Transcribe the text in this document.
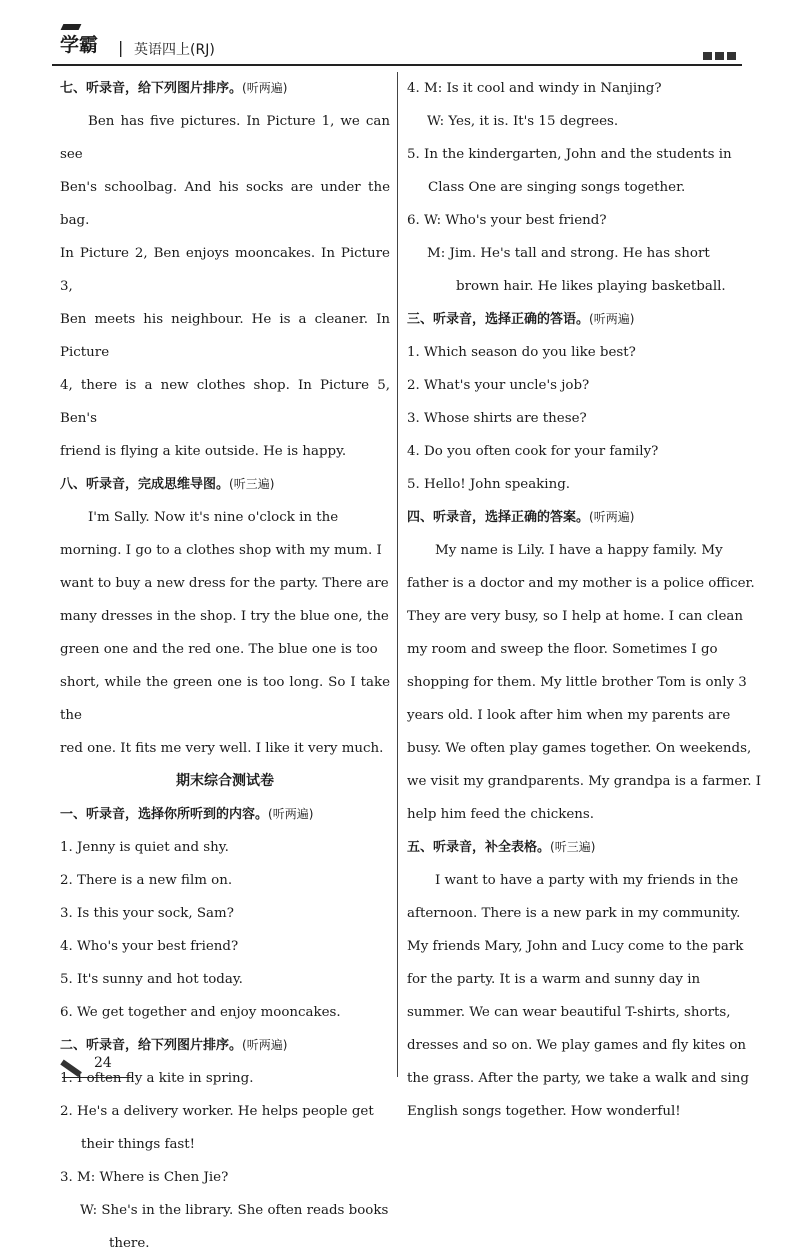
学霸 | 英语四上(RJ)
七、听录音，给下列图片排序。(听两遍)
Ben has five pictures. In Picture 1, we can see
Ben's schoolbag. And his socks are under the bag.
In Picture 2, Ben enjoys mooncakes. In Picture 3,
Ben meets his neighbour. He is a cleaner. In Picture
4, there is a new clothes shop. In Picture 5, Ben's
friend is flying a kite outside. He is happy.
八、听录音，完成思维导图。(听三遍)
I'm Sally. Now it's nine o'clock in the
morning. I go to a clothes shop with my mum. I
want to buy a new dress for the party. There are
many dresses in the shop. I try the blue one, the
green one and the red one. The blue one is too
short, while the green one is too long. So I take the
red one. It fits me very well. I like it very much.
期末综合测试卷
一、听录音，选择你所听到的内容。(听两遍)
1. Jenny is quiet and shy.
2. There is a new film on.
3. Is this your sock, Sam?
4. Who's your best friend?
5. It's sunny and hot today.
6. We get together and enjoy mooncakes.
二、听录音，给下列图片排序。(听两遍)
1. I often fly a kite in spring.
2. He's a delivery worker. He helps people get
their things fast!
3. M: Where is Chen Jie?
W: She's in the library. She often reads books
there.
4. M: Is it cool and windy in Nanjing?
W: Yes, it is. It's 15 degrees.
5. In the kindergarten, John and the students in
Class One are singing songs together.
6. W: Who's your best friend?
M: Jim. He's tall and strong. He has short
brown hair. He likes playing basketball.
三、听录音，选择正确的答语。(听两遍)
1. Which season do you like best?
2. What's your uncle's job?
3. Whose shirts are these?
4. Do you often cook for your family?
5. Hello! John speaking.
四、听录音，选择正确的答案。(听两遍)
My name is Lily. I have a happy family. My
father is a doctor and my mother is a police officer.
They are very busy, so I help at home. I can clean
my room and sweep the floor. Sometimes I go
shopping for them. My little brother Tom is only 3
years old. I look after him when my parents are
busy. We often play games together. On weekends,
we visit my grandparents. My grandpa is a farmer. I
help him feed the chickens.
五、听录音，补全表格。(听三遍)
I want to have a party with my friends in the
afternoon. There is a new park in my community.
My friends Mary, John and Lucy come to the park
for the party. It is a warm and sunny day in
summer. We can wear beautiful T-shirts, shorts,
dresses and so on. We play games and fly kites on
the grass. After the party, we take a walk and sing
English songs together. How wonderful!
24
